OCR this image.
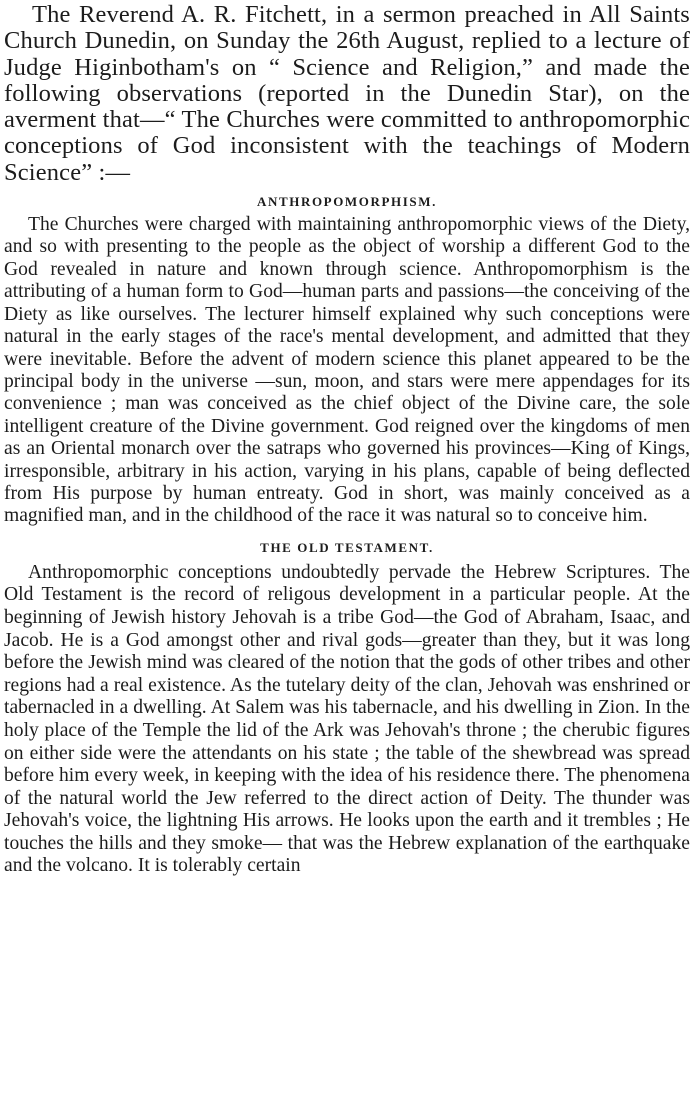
The Reverend A. R. Fitchett, in a sermon preached in All Saints Church Dunedin, on Sunday the 26th August, replied to a lecture of Judge Higinbotham's on “ Science and Religion,” and made the following observations (reported in the Dunedin Star), on the averment that—“ The Churches were committed to anthropomorphic conceptions of God inconsistent with the teachings of Modern Science” :—

ANTHROPOMORPHISM.

The Churches were charged with maintaining anthropomorphic views of the Diety, and so with presenting to the people as the object of worship a different God to the God revealed in nature and known through science. Anthropomorphism is the attributing of a human form to God—human parts and passions—the conceiving of the Diety as like ourselves. The lecturer himself explained why such conceptions were natural in the early stages of the race's mental development, and admitted that they were inevitable. Before the advent of modern science this planet appeared to be the principal body in the universe —sun, moon, and stars were mere appendages for its convenience ; man was conceived as the chief object of the Divine care, the sole intelligent creature of the Divine government. God reigned over the kingdoms of men as an Oriental monarch over the satraps who governed his provinces—King of Kings, irresponsible, arbitrary in his action, varying in his plans, capable of being deflected from His purpose by human entreaty. God in short, was mainly conceived as a magnified man, and in the childhood of the race it was natural so to conceive him.

THE OLD TESTAMENT.

Anthropomorphic conceptions undoubtedly pervade the Hebrew Scriptures. The Old Testament is the record of religous development in a particular people. At the beginning of Jewish history Jehovah is a tribe God—the God of Abraham, Isaac, and Jacob. He is a God amongst other and rival gods—greater than they, but it was long before the Jewish mind was cleared of the notion that the gods of other tribes and other regions had a real existence. As the tutelary deity of the clan, Jehovah was enshrined or tabernacled in a dwelling. At Salem was his tabernacle, and his dwelling in Zion. In the holy place of the Temple the lid of the Ark was Jehovah's throne ; the cherubic figures on either side were the attendants on his state ; the table of the shewbread was spread before him every week, in keeping with the idea of his residence there. The phenomena of the natural world the Jew referred to the direct action of Deity. The thunder was Jehovah's voice, the lightning His arrows. He looks upon the earth and it trembles ; He touches the hills and they smoke— that was the Hebrew explanation of the earthquake and the volcano. It is tolerably certain
